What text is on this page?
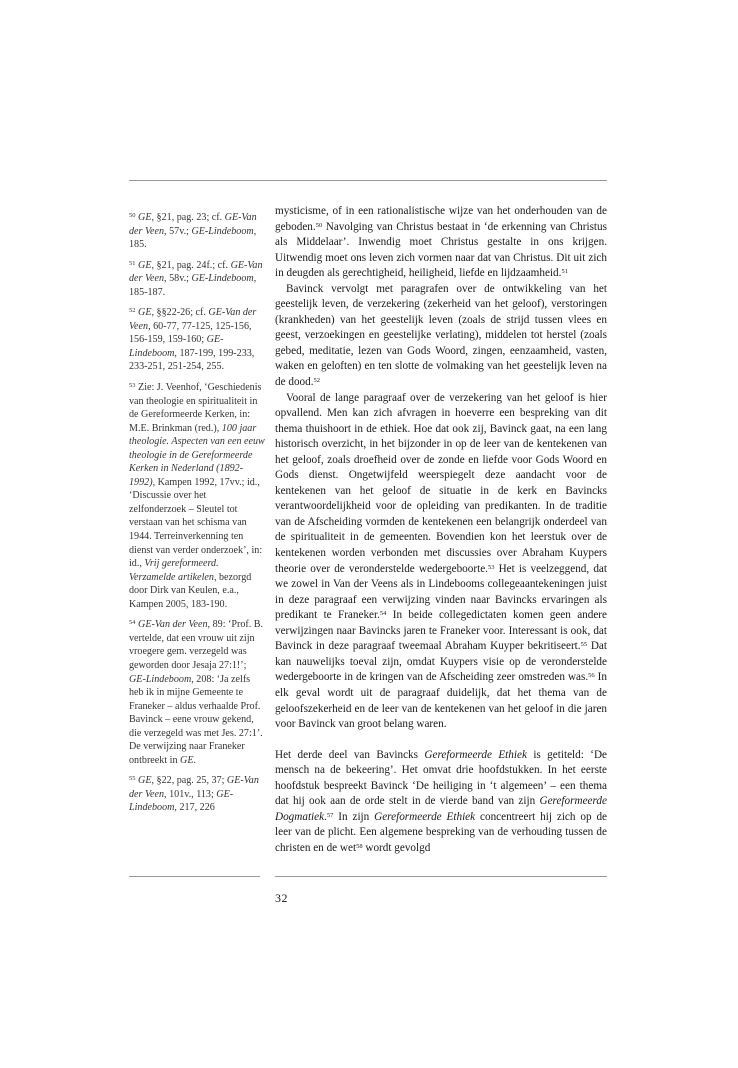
$^{50}$ GE, §21, pag. 23; cf. GE-Van der Veen, 57v.; GE-Lindeboom, 185.

$^{51}$ GE, §21, pag. 24f.; cf. GE-Van der Veen, 58v.; GE-Lindeboom, 185-187.

$^{52}$ GE, §§22-26; cf. GE-Van der Veen, 60-77, 77-125, 125-156, 156-159, 159-160; GE-Lindeboom, 187-199, 199-233, 233-251, 251-254, 255.

$^{53}$ Zie: J. Veenhof, ‘Geschiedenis van theologie en spiritualiteit in de Gereformeerde Kerken, in: M.E. Brinkman (red.), 100 jaar theologie. Aspecten van een eeuw theologie in de Gereformeerde Kerken in Nederland (1892-1992), Kampen 1992, 17vv.; id., ‘Discussie over het zelfonderzoek – Sleutel tot verstaan van het schisma van 1944. Terreinverkenning ten dienst van verder onderzoek’, in: id., Vrij gereformeerd. Verzamelde artikelen, bezorgd door Dirk van Keulen, e.a., Kampen 2005, 183-190.

$^{54}$ GE-Van der Veen, 89: ‘Prof. B. vertelde, dat een vrouw uit zijn vroegere gem. verzegeld was geworden door Jesaja 27:1!’; GE-Lindeboom, 208: ‘Ja zelfs heb ik in mijne Gemeente te Franeker – aldus verhaalde Prof. Bavinck – eene vrouw gekend, die verzegeld was met Jes. 27:1’. De verwijzing naar Franeker ontbreekt in GE.

$^{55}$ GE, §22, pag. 25, 37; GE-Van der Veen, 101v., 113; GE-Lindeboom, 217, 226

mysticisme, of in een rationalistische wijze van het onderhouden van de geboden.$^{50}$ Navolging van Christus bestaat in ‘de erkenning van Christus als Middelaar’. Inwendig moet Christus gestalte in ons krijgen. Uitwendig moet ons leven zich vormen naar dat van Christus. Dit uit zich in deugden als gerechtigheid, heiligheid, liefde en lijdzaamheid.$^{51}$

Bavinck vervolgt met paragrafen over de ontwikkeling van het geestelijk leven, de verzekering (zekerheid van het geloof), verstoringen (krankheden) van het geestelijk leven (zoals de strijd tussen vlees en geest, verzoekingen en geestelijke verlating), middelen tot herstel (zoals gebed, meditatie, lezen van Gods Woord, zingen, eenzaamheid, vasten, waken en geloften) en ten slotte de volmaking van het geestelijk leven na de dood.$^{52}$

Vooral de lange paragraaf over de verzekering van het geloof is hier opvallend. Men kan zich afvragen in hoeverre een bespreking van dit thema thuishoort in de ethiek. Hoe dat ook zij, Bavinck gaat, na een lang historisch overzicht, in het bijzonder in op de leer van de kentekenen van het geloof, zoals droefheid over de zonde en liefde voor Gods Woord en Gods dienst. Ongetwijfeld weerspiegelt deze aandacht voor de kentekenen van het geloof de situatie in de kerk en Bavincks verantwoordelijkheid voor de opleiding van predikanten. In de traditie van de Afscheiding vormden de kentekenen een belangrijk onderdeel van de spiritualiteit in de gemeenten. Bovendien kon het leerstuk over de kentekenen worden verbonden met discussies over Abraham Kuypers theorie over de veronderstelde wedergeboorte.$^{53}$ Het is veelzeggend, dat we zowel in Van der Veens als in Lindebooms collegeaantekeningen juist in deze paragraaf een verwijzing vinden naar Bavincks ervaringen als predikant te Franeker.$^{54}$ In beide collegedictaten komen geen andere verwijzingen naar Bavincks jaren te Franeker voor. Interessant is ook, dat Bavinck in deze paragraaf tweemaal Abraham Kuyper bekritiseert.$^{55}$ Dat kan nauwelijks toeval zijn, omdat Kuypers visie op de veronderstelde wedergeboorte in de kringen van de Afscheiding zeer omstreden was.$^{56}$ In elk geval wordt uit de paragraaf duidelijk, dat het thema van de geloofszekerheid en de leer van de kentekenen van het geloof in die jaren voor Bavinck van groot belang waren.

Het derde deel van Bavincks Gereformeerde Ethiek is getiteld: ‘De mensch na de bekeering’. Het omvat drie hoofdstukken. In het eerste hoofdstuk bespreekt Bavinck ‘De heiliging in ‘t algemeen’ – een thema dat hij ook aan de orde stelt in de vierde band van zijn Gereformeerde Dogmatiek.$^{57}$ In zijn Gereformeerde Ethiek concentreert hij zich op de leer van de plicht. Een algemene bespreking van de verhouding tussen de christen en de wet$^{58}$ wordt gevolgd

32
